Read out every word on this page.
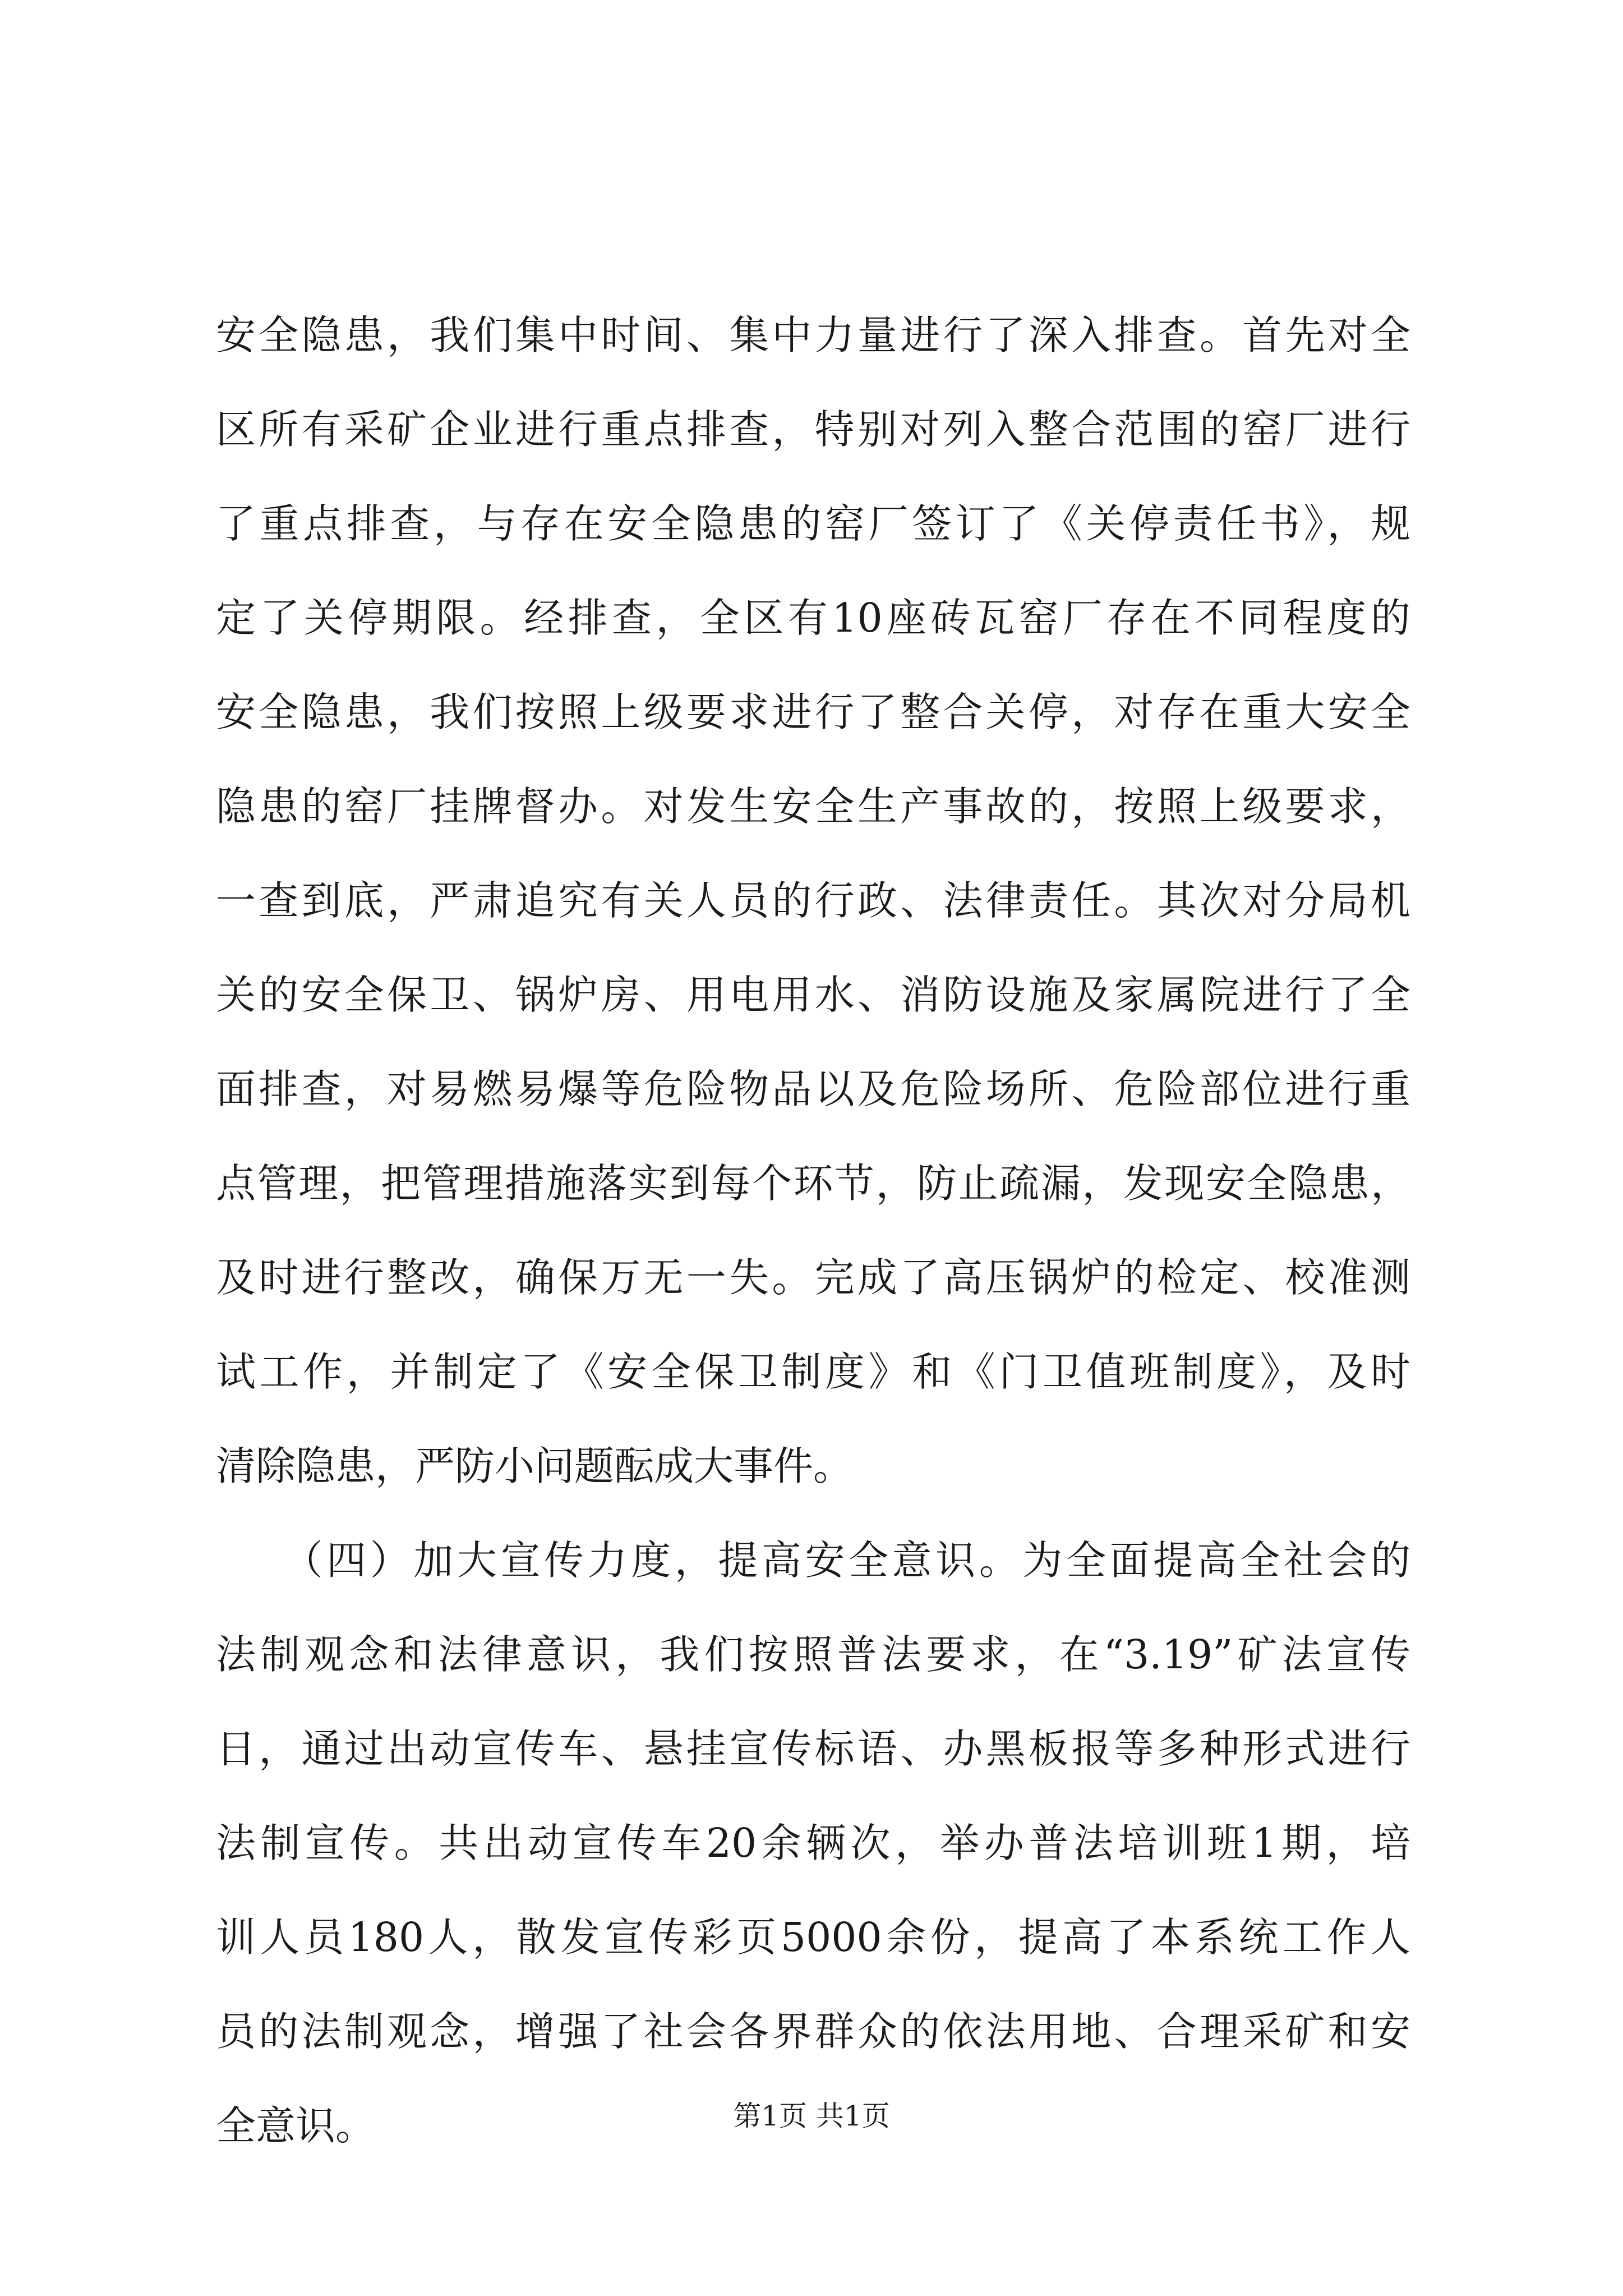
安全隐患，我们集中时间、集中力量进行了深入排查。首先对全
区所有采矿企业进行重点排查，特别对列入整合范围的窑厂进行
了重点排查，与存在安全隐患的窑厂签订了《关停责任书》，规
定了关停期限。经排查，全区有10座砖瓦窑厂存在不同程度的
安全隐患，我们按照上级要求进行了整合关停，对存在重大安全
隐患的窑厂挂牌督办。对发生安全生产事故的，按照上级要求，
一查到底，严肃追究有关人员的行政、法律责任。其次对分局机
关的安全保卫、锅炉房、用电用水、消防设施及家属院进行了全
面排查，对易燃易爆等危险物品以及危险场所、危险部位进行重
点管理，把管理措施落实到每个环节，防止疏漏，发现安全隐患，
及时进行整改，确保万无一失。完成了高压锅炉的检定、校准测
试工作，并制定了《安全保卫制度》和《门卫值班制度》，及时
清除隐患，严防小问题酝成大事件。
　　（四）加大宣传力度，提高安全意识。为全面提高全社会的
法制观念和法律意识，我们按照普法要求，在“3.19”矿法宣传
日，通过出动宣传车、悬挂宣传标语、办黑板报等多种形式进行
法制宣传。共出动宣传车20余辆次，举办普法培训班1期，培
训人员180人，散发宣传彩页5000余份，提高了本系统工作人
员的法制观念，增强了社会各界群众的依法用地、合理采矿和安
全意识。	第1页 共1页
